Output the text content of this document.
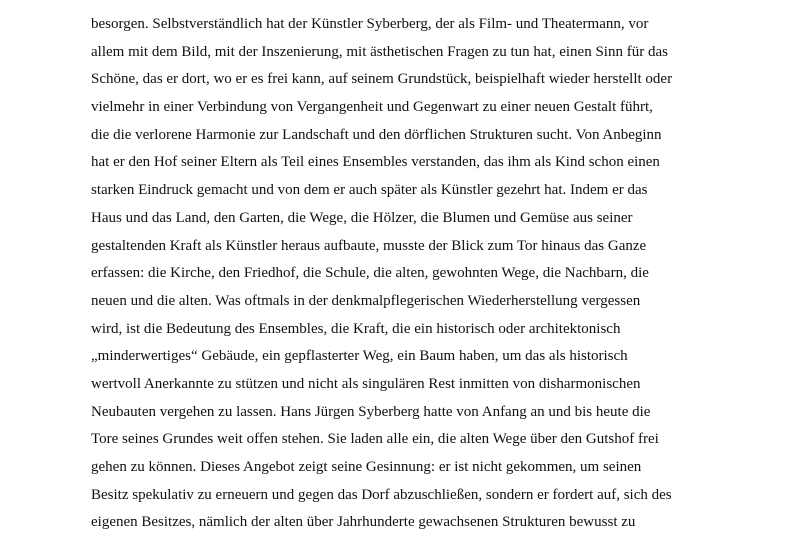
besorgen. Selbstverständlich hat der Künstler Syberberg, der als Film- und Theatermann, vor
allem mit dem Bild, mit der Inszenierung, mit ästhetischen Fragen zu tun hat, einen Sinn für das
Schöne, das er dort, wo er es frei kann, auf seinem Grundstück, beispielhaft wieder herstellt oder
vielmehr in einer Verbindung von Vergangenheit und Gegenwart zu einer neuen Gestalt führt,
die die verlorene Harmonie zur Landschaft und den dörflichen Strukturen sucht. Von Anbeginn
hat er den Hof seiner Eltern als Teil eines Ensembles verstanden, das ihm als Kind schon einen
starken Eindruck gemacht und von dem er auch später als Künstler gezehrt hat. Indem er das
Haus und das Land, den Garten, die Wege, die Hölzer, die Blumen und Gemüse aus seiner
gestaltenden Kraft als Künstler heraus aufbaute, musste der Blick zum Tor hinaus das Ganze
erfassen: die Kirche, den Friedhof, die Schule, die alten, gewohnten Wege, die Nachbarn, die
neuen und die alten. Was oftmals in der denkmalpflegerischen Wiederherstellung vergessen
wird, ist die Bedeutung des Ensembles, die Kraft, die ein historisch oder architektonisch
„minderwertiges“ Gebäude, ein gepflasterter Weg, ein Baum haben, um das als historisch
wertvoll Anerkannte zu stützen und nicht als singulären Rest inmitten von disharmonischen
Neubauten vergehen zu lassen. Hans Jürgen Syberberg hatte von Anfang an und bis heute die
Tore seines Grundes weit offen stehen. Sie laden alle ein, die alten Wege über den Gutshof frei
gehen zu können. Dieses Angebot zeigt seine Gesinnung: er ist nicht gekommen, um seinen
Besitz spekulativ zu erneuern und gegen das Dorf abzuschließen, sondern er fordert auf, sich des
eigenen Besitzes, nämlich der alten über Jahrhunderte gewachsenen Strukturen bewusst zu
